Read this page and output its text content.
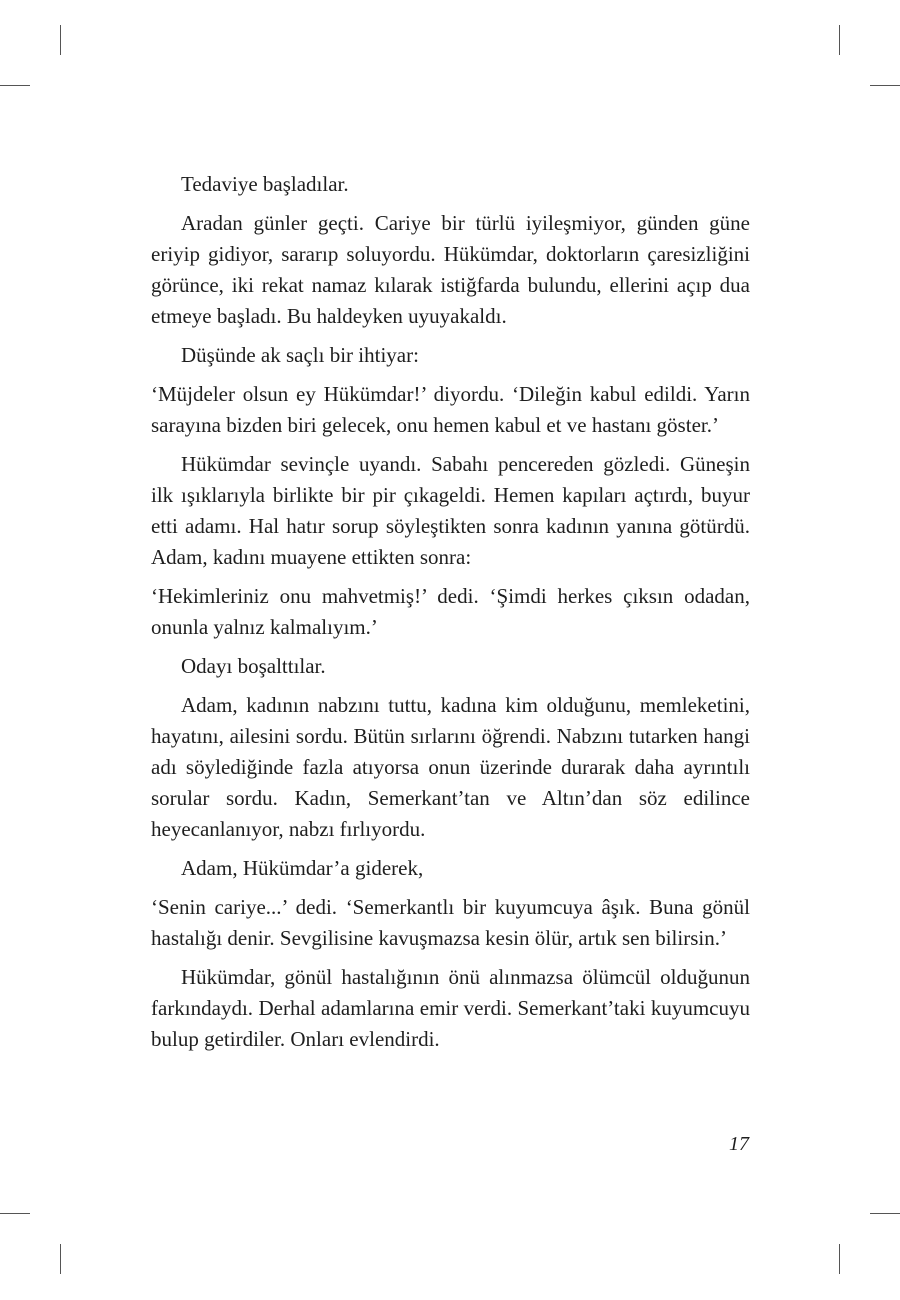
Tedaviye başladılar.

Aradan günler geçti. Cariye bir türlü iyileşmiyor, günden güne eriyip gidiyor, sararıp soluyordu. Hükümdar, doktorların çaresizliğini görünce, iki rekat namaz kılarak istiğfarda bulundu, ellerini açıp dua etmeye başladı. Bu haldeyken uyuyakaldı.

Düşünde ak saçlı bir ihtiyar:

‘Müjdeler olsun ey Hükümdar!’ diyordu. ‘Dileğin kabul edildi. Yarın sarayına bizden biri gelecek, onu hemen kabul et ve hastanı göster.’

Hükümdar sevinçle uyandı. Sabahı pencereden gözledi. Güneşin ilk ışıklarıyla birlikte bir pir çıkageldi. Hemen kapıları açtırdı, buyur etti adamı. Hal hatır sorup söyleştikten sonra kadının yanına götürdü. Adam, kadını muayene ettikten sonra:

‘Hekimleriniz onu mahvetmiş!’ dedi. ‘Şimdi herkes çıksın odadan, onunla yalnız kalmalıyım.’

Odayı boşalttılar.

Adam, kadının nabzını tuttu, kadına kim olduğunu, memleketini, hayatını, ailesini sordu. Bütün sırlarını öğrendi. Nabzını tutarken hangi adı söylediğinde fazla atıyorsa onun üzerinde durarak daha ayrıntılı sorular sordu. Kadın, Semerkant’tan ve Altın’dan söz edilince heyecanlanıyor, nabzı fırlıyordu.

Adam, Hükümdar’a giderek,

‘Senin cariye...’ dedi. ‘Semerkantlı bir kuyumcuya âşık. Buna gönül hastalığı denir. Sevgilisine kavuşmazsa kesin ölür, artık sen bilirsin.’

Hükümdar, gönül hastalığının önü alınmazsa ölümcül olduğunun farkındaydı. Derhal adamlarına emir verdi. Semerkant’taki kuyumcuyu bulup getirdiler. Onları evlendirdi.

17
